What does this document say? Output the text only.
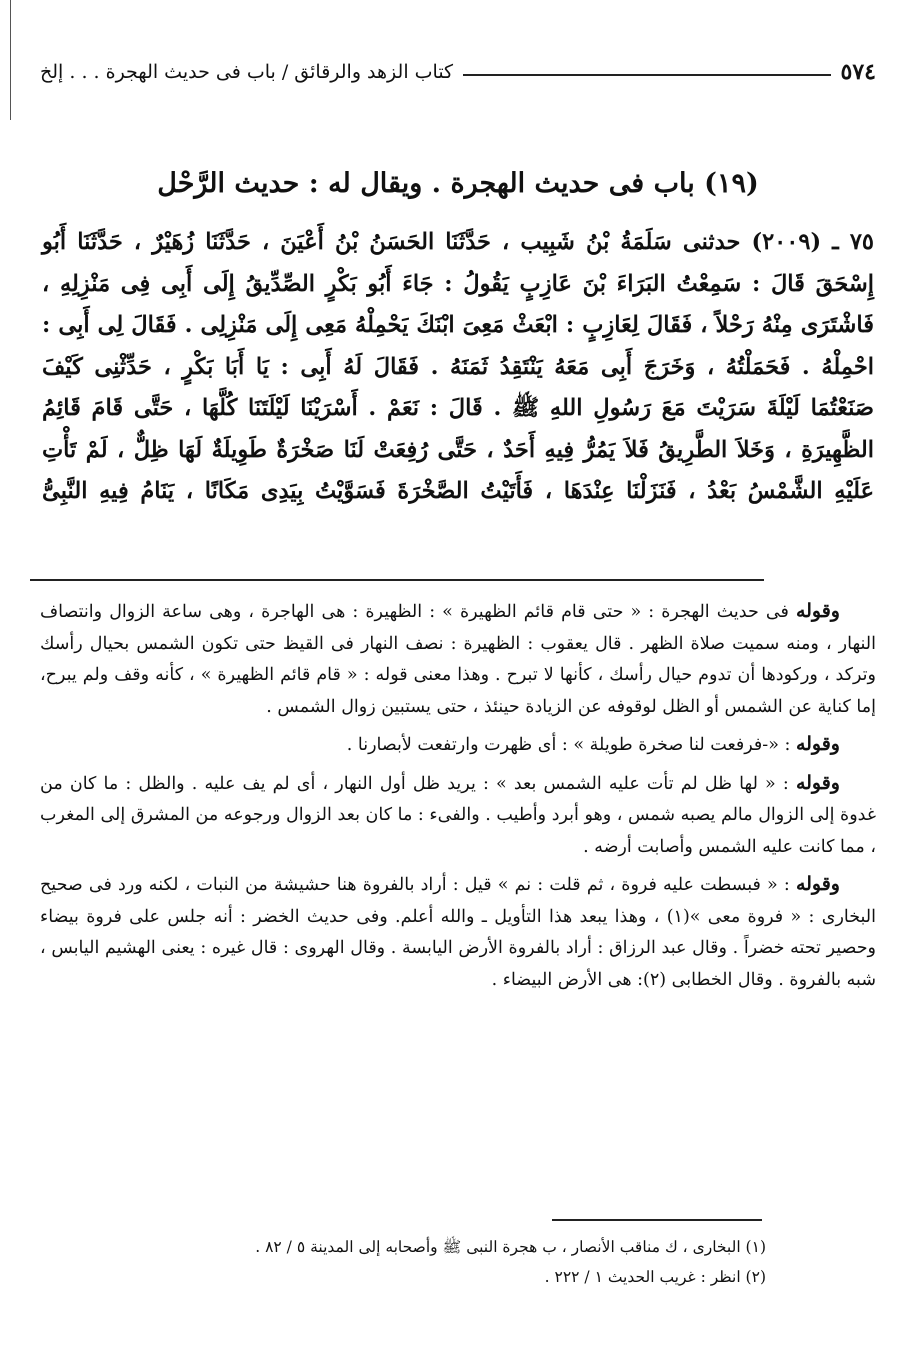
٥٧٤
كتاب الزهد والرقائق / باب فى حديث الهجرة . . . إلخ
(١٩) باب فى حديث الهجرة . ويقال له : حديث الرَّحْل

٧٥ ـ (٢٠٠٩) حدثنى سَلَمَةُ بْنُ شَبِيب ، حَدَّثَنَا الحَسَنُ بْنُ أَعْيَنَ ، حَدَّثَنَا زُهَيْرٌ ، حَدَّثَنَا أَبُو إِسْحَقَ قَالَ : سَمِعْتُ البَرَاءَ بْنَ عَازِبٍ يَقُولُ : جَاءَ أَبُو بَكْرٍ الصِّدِّيقُ إِلَى أَبِى فِى مَنْزِلِهِ ، فَاشْتَرَى مِنْهُ رَحْلاً ، فَقَالَ لِعَازِبٍ : ابْعَثْ مَعِىَ ابْنَكَ يَحْمِلْهُ مَعِى إِلَى مَنْزِلِى . فَقَالَ لِى أَبِى : احْمِلْهُ . فَحَمَلْتُهُ ، وَخَرَجَ أَبِى مَعَهُ يَنْتَقِدُ ثَمَنَهُ . فَقَالَ لَهُ أَبِى : يَا أَبَا بَكْرٍ ، حَدِّثْنِى كَيْفَ صَنَعْتُمَا لَيْلَةَ سَرَيْتَ مَعَ رَسُولِ اللهِ ﷺ . قَالَ : نَعَمْ . أَسْرَيْنَا لَيْلَتَنَا كُلَّهَا ، حَتَّى قَامَ قَائِمُ الظَّهِيرَةِ ، وَخَلاَ الطَّرِيقُ فَلاَ يَمُرُّ فِيهِ أَحَدٌ ، حَتَّى رُفِعَتْ لَنَا صَخْرَةٌ طَوِيلَةٌ لَهَا ظِلٌّ ، لَمْ تَأْتِ عَلَيْهِ الشَّمْسُ بَعْدُ ، فَنَزَلْنَا عِنْدَهَا ، فَأَتَيْتُ الصَّخْرَةَ فَسَوَّيْتُ بِيَدِى مَكَانًا ، يَنَامُ فِيهِ النَّبِىُّ

وقوله فى حديث الهجرة : « حتى قام قائم الظهيرة » : الظهيرة : هى الهاجرة ، وهى ساعة الزوال وانتصاف النهار ، ومنه سميت صلاة الظهر . قال يعقوب : الظهيرة : نصف النهار فى القيظ حتى تكون الشمس بحيال رأسك وتركد ، وركودها أن تدوم حيال رأسك ، كأنها لا تبرح . وهذا معنى قوله : « قام قائم الظهيرة » ، كأنه وقف ولم يبرح، إما كناية عن الشمس أو الظل لوقوفه عن الزيادة حينئذ ، حتى يستبين زوال الشمس .

وقوله : «-فرفعت لنا صخرة طويلة » : أى ظهرت وارتفعت لأبصارنا .

وقوله : « لها ظل لم تأت عليه الشمس بعد » : يريد ظل أول النهار ، أى لم يف عليه . والظل : ما كان من غدوة إلى الزوال مالم يصبه شمس ، وهو أبرد وأطيب . والفىء : ما كان بعد الزوال ورجوعه من المشرق إلى المغرب ، مما كانت عليه الشمس وأصابت أرضه .

وقوله : « فبسطت عليه فروة ، ثم قلت : نم » قيل : أراد بالفروة هنا حشيشة من النبات ، لكنه ورد فى صحيح البخارى : « فروة معى »(١) ، وهذا يبعد هذا التأويل ـ والله أعلم. وفى حديث الخضر : أنه جلس على فروة بيضاء وحصير تحته خضراً . وقال عبد الرزاق : أراد بالفروة الأرض اليابسة . وقال الهروى : قال غيره : يعنى الهشيم اليابس ، شبه بالفروة . وقال الخطابى (٢): هى الأرض البيضاء .

(١) البخارى ، ك مناقب الأنصار ، ب هجرة النبى ﷺ وأصحابه إلى المدينة ٥ / ٨٢ .
(٢) انظر : غريب الحديث ١ / ٢٢٢ .
